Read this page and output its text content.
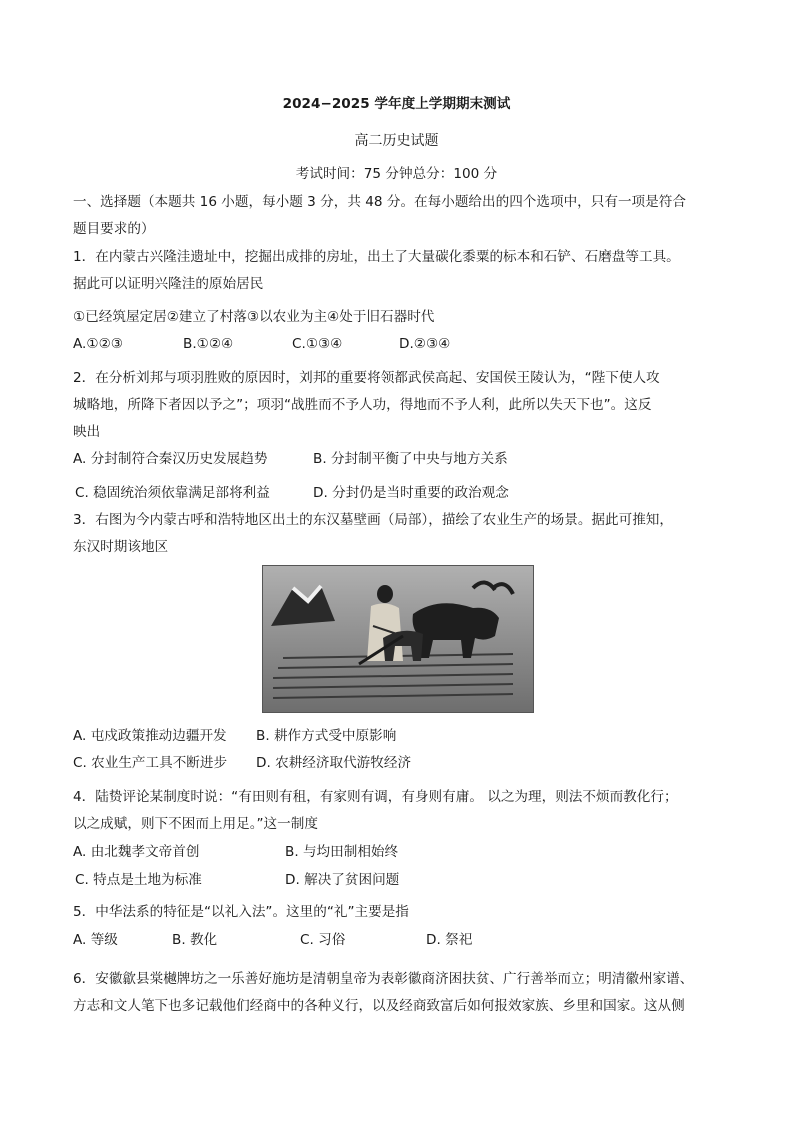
2024−2025 学年度上学期期末测试
高二历史试题
考试时间：75 分钟总分：100 分
一、选择题（本题共 16 小题，每小题 3 分，共 48 分。在每小题给出的四个选项中，只有一项是符合
题目要求的）
1．在内蒙古兴隆洼遗址中，挖掘出成排的房址，出土了大量碳化黍粟的标本和石铲、石磨盘等工具。
据此可以证明兴隆洼的原始居民
①已经筑屋定居②建立了村落③以农业为主④处于旧石器时代
A.①②③	B.①②④	C.①③④	D.②③④
2．在分析刘邦与项羽胜败的原因时，刘邦的重要将领都武侯高起、安国侯王陵认为，“陛下使人攻
城略地，所降下者因以予之”；项羽“战胜而不予人功，得地而不予人利，此所以失天下也”。这反
映出
A. 分封制符合秦汉历史发展趋势	B. 分封制平衡了中央与地方关系
C. 稳固统治须依靠满足部将利益	D. 分封仍是当时重要的政治观念
3．右图为今内蒙古呼和浩特地区出土的东汉墓壁画（局部），描绘了农业生产的场景。据此可推知，
东汉时期该地区
A. 屯戍政策推动边疆开发 B. 耕作方式受中原影响
C. 农业生产工具不断进步 D. 农耕经济取代游牧经济
4．陆贽评论某制度时说：“有田则有租，有家则有调，有身则有庸。 以之为理，则法不烦而教化行；
以之成赋，则下不困而上用足。”这一制度
A. 由北魏孝文帝首创	B. 与均田制相始终
C. 特点是土地为标准	D. 解决了贫困问题
5．中华法系的特征是“以礼入法”。这里的“礼”主要是指
A. 等级	B. 教化	C. 习俗	D. 祭祀
6．安徽歙县棠樾牌坊之一乐善好施坊是清朝皇帝为表彰徽商济困扶贫、广行善举而立；明清徽州家谱、
方志和文人笔下也多记载他们经商中的各种义行，以及经商致富后如何报效家族、乡里和国家。这从侧
